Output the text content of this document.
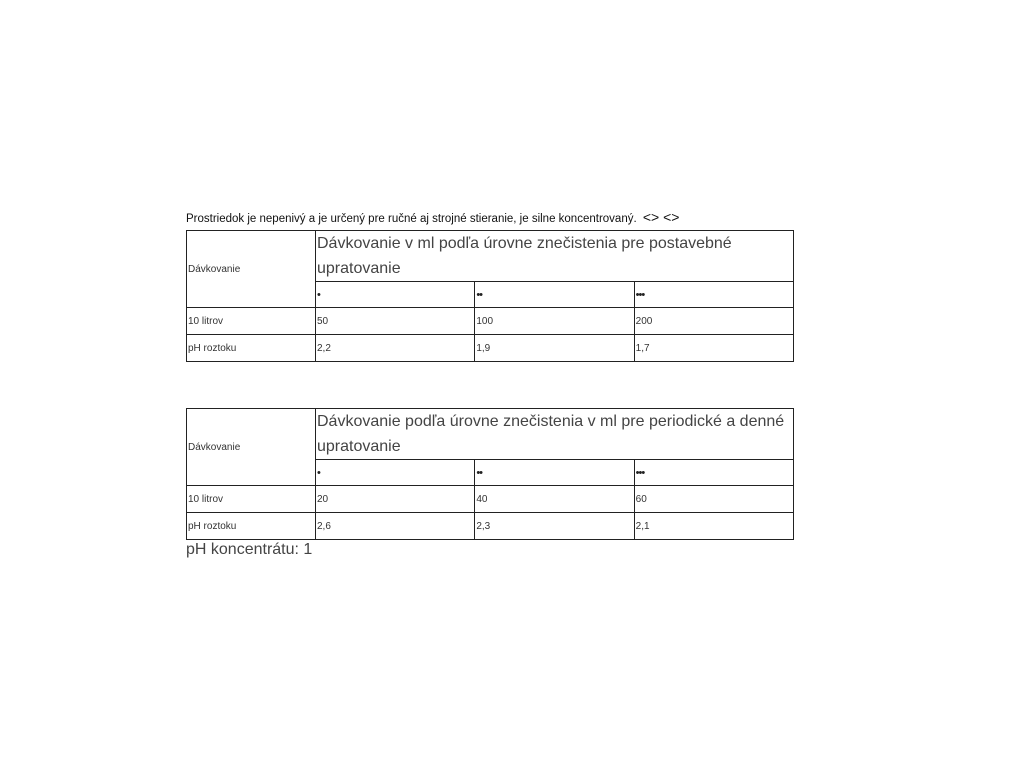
Prostriedok je nepenivý a je určený pre ručné aj strojné stieranie, je silne koncentrovaný. <> <>
Dávkovanie	Dávkovanie v ml podľa úrovne znečistenia pre postavebné upratovanie		
	•	••	•••
10 litrov	50	100	200
pH roztoku	2,2	1,9	1,7
Dávkovanie	Dávkovanie podľa úrovne znečistenia v ml pre periodické a denné upratovanie		
	•	••	•••
10 litrov	20	40	60
pH roztoku	2,6	2,3	2,1
pH koncentrátu: 1
